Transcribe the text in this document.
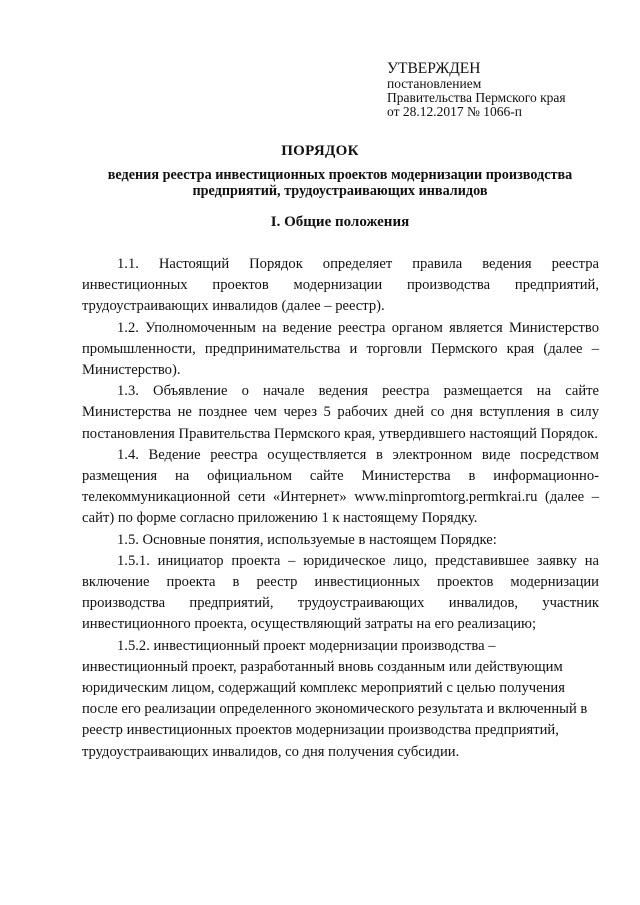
УТВЕРЖДЕН
постановлением
Правительства Пермского края
от 28.12.2017 № 1066-п
ПОРЯДОК
ведения реестра инвестиционных проектов модернизации производства предприятий, трудоустраивающих инвалидов
I. Общие положения

1.1. Настоящий Порядок определяет правила ведения реестра инвестиционных проектов модернизации производства предприятий, трудоустраивающих инвалидов (далее – реестр).

1.2. Уполномоченным на ведение реестра органом является Министерство промышленности, предпринимательства и торговли Пермского края (далее – Министерство).

1.3. Объявление о начале ведения реестра размещается на сайте Министерства не позднее чем через 5 рабочих дней со дня вступления в силу постановления Правительства Пермского края, утвердившего настоящий Порядок.

1.4. Ведение реестра осуществляется в электронном виде посредством размещения на официальном сайте Министерства в информационно-телекоммуникационной сети «Интернет» www.minpromtorg.permkrai.ru (далее – сайт) по форме согласно приложению 1 к настоящему Порядку.

1.5. Основные понятия, используемые в настоящем Порядке:

1.5.1. инициатор проекта – юридическое лицо, представившее заявку на включение проекта в реестр инвестиционных проектов модернизации производства предприятий, трудоустраивающих инвалидов, участник инвестиционного проекта, осуществляющий затраты на его реализацию;

1.5.2. инвестиционный проект модернизации производства – инвестиционный проект, разработанный вновь созданным или действующим юридическим лицом, содержащий комплекс мероприятий с целью получения после его реализации определенного экономического результата и включенный в реестр инвестиционных проектов модернизации производства предприятий, трудоустраивающих инвалидов, со дня получения субсидии.
